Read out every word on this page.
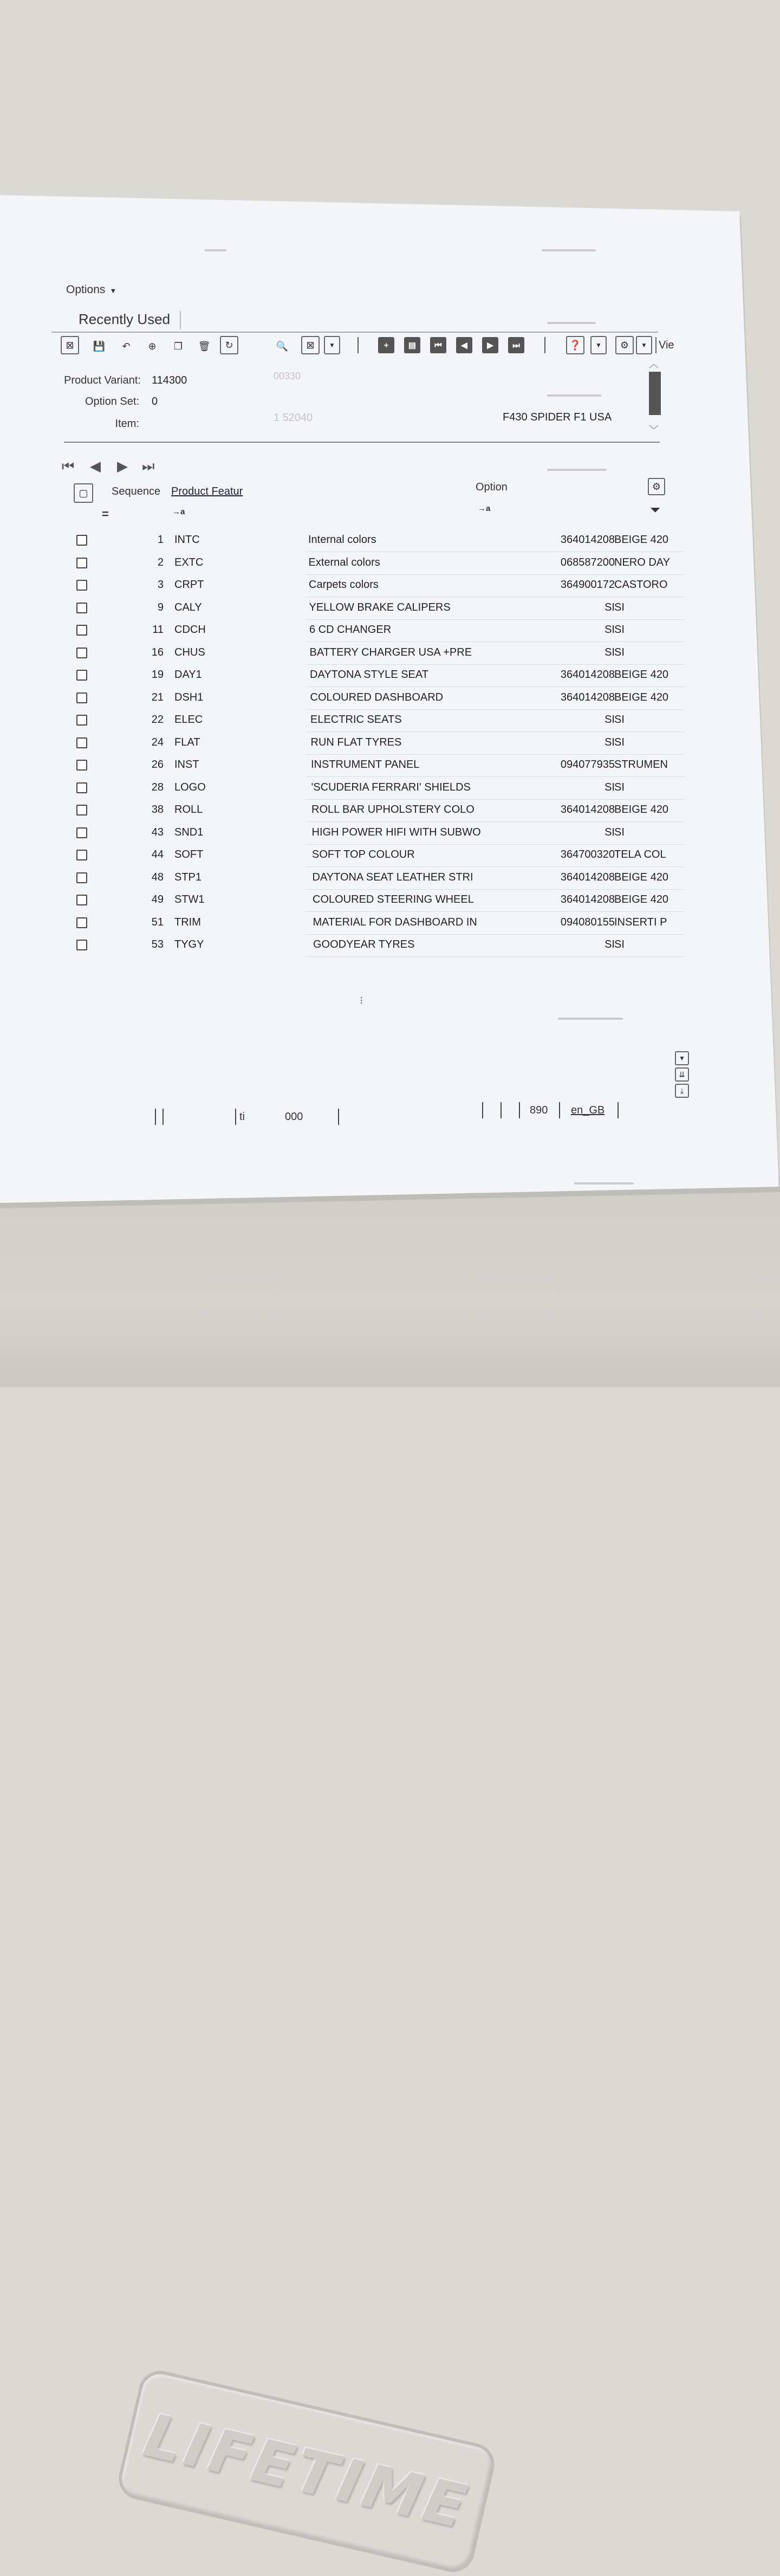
LIFETIME
Options ▼
Recently Used
⊠ 💾 ↶ ⊕ ❐ 🗑 ↻	🔍 ⊠ ▼	+ ▤ ⏮ ◀ ▶ ⏭	❓ ▼ ⚙ ▼	Vie
Product Variant: 114300	00330
Option Set: 0
Item:	1 52040	F430 SPIDER F1 USA
︿
﹀
⏮ ◀ ▶ ⏭
▢ Sequence Product Featur	Option	⚙
=	→a	→a	⏷
1 INTC	Internal colors	364014208 BEIGE 420
2 EXTC	External colors	068587200 NERO DAY
3 CRPT	Carpets colors	364900172 CASTORO
9 CALY	YELLOW BRAKE CALIPERS	SI SI
11 CDCH	6 CD CHANGER	SI SI
16 CHUS	BATTERY CHARGER USA +PRE	SI SI
19 DAY1	DAYTONA STYLE SEAT	364014208 BEIGE 420
21 DSH1	COLOURED DASHBOARD	364014208 BEIGE 420
22 ELEC	ELECTRIC SEATS	SI SI
24 FLAT	RUN FLAT TYRES	SI SI
26 INST	INSTRUMENT PANEL	094077935 STRUMEN
28 LOGO	'SCUDERIA FERRARI' SHIELDS	SI SI
38 ROLL	ROLL BAR UPHOLSTERY COLO	364014208 BEIGE 420
43 SND1	HIGH POWER HIFI WITH SUBWO	SI SI
44 SOFT	SOFT TOP COLOUR	364700320 TELA COL
48 STP1	DAYTONA SEAT LEATHER STRI	364014208 BEIGE 420
49 STW1	COLOURED STEERING WHEEL	364014208 BEIGE 420
51 TRIM	MATERIAL FOR DASHBOARD IN	094080155 INSERTI P
53 TYGY	GOODYEAR TYRES	SI SI
⁝
▼
⇊
⤓
ti	000
890 en_GB
